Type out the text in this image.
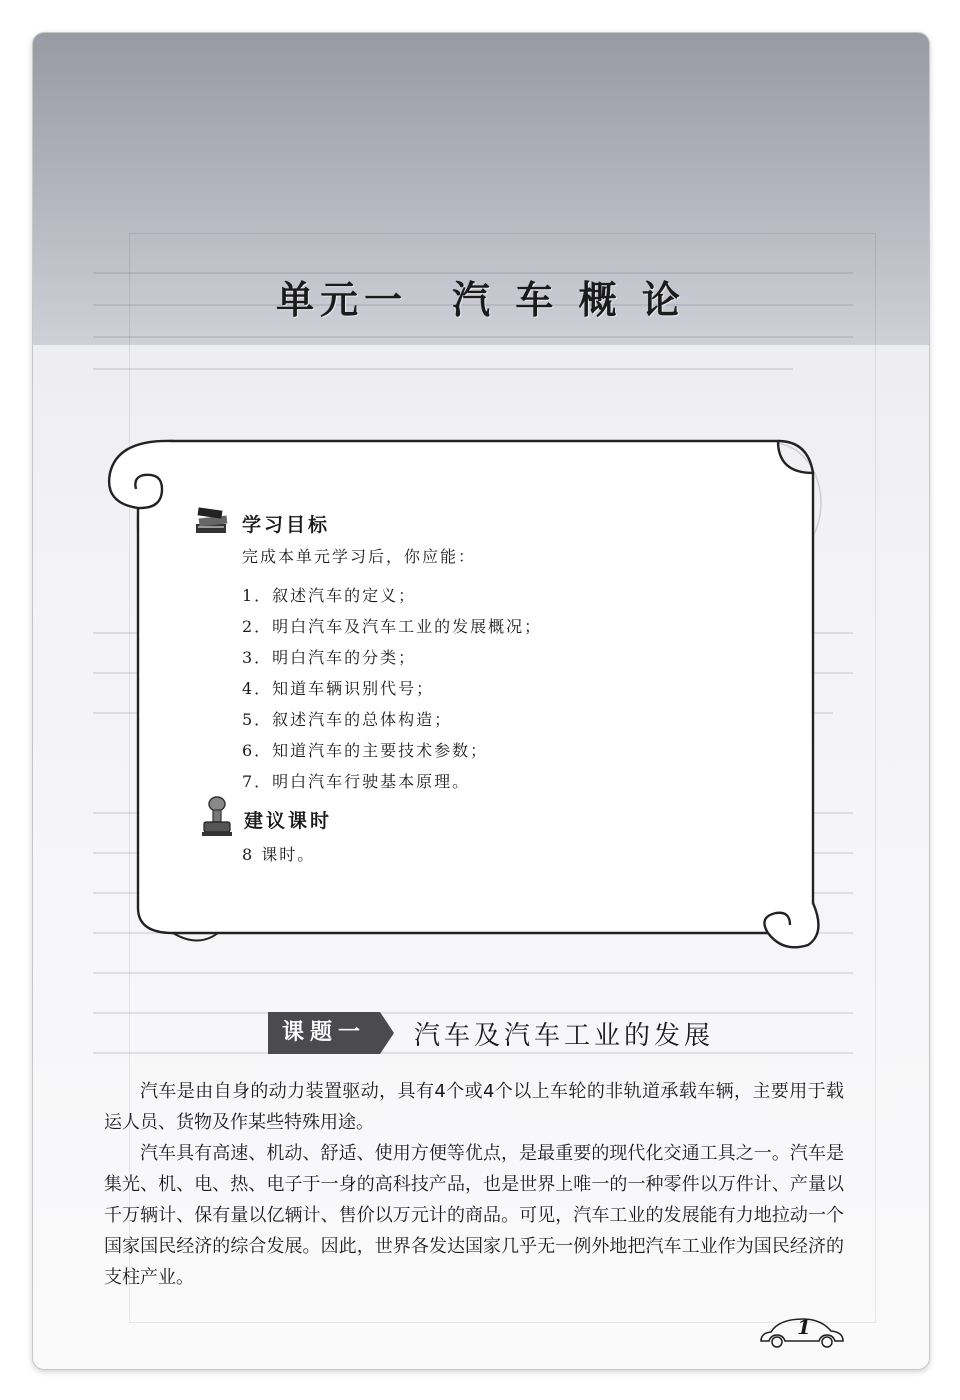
单元一　汽 车 概 论
学习目标
完成本单元学习后，你应能：
1．叙述汽车的定义；
2．明白汽车及汽车工业的发展概况；
3．明白汽车的分类；
4．知道车辆识别代号；
5．叙述汽车的总体构造；
6．知道汽车的主要技术参数；
7．明白汽车行驶基本原理。
建议课时
8 课时。
课题一	汽车及汽车工业的发展

汽车是由自身的动力装置驱动，具有4个或4个以上车轮的非轨道承载车辆，主要用于载运人员、货物及作某些特殊用途。

汽车具有高速、机动、舒适、使用方便等优点，是最重要的现代化交通工具之一。汽车是集光、机、电、热、电子于一身的高科技产品，也是世界上唯一的一种零件以万件计、产量以千万辆计、保有量以亿辆计、售价以万元计的商品。可见，汽车工业的发展能有力地拉动一个国家国民经济的综合发展。因此，世界各发达国家几乎无一例外地把汽车工业作为国民经济的支柱产业。

1
